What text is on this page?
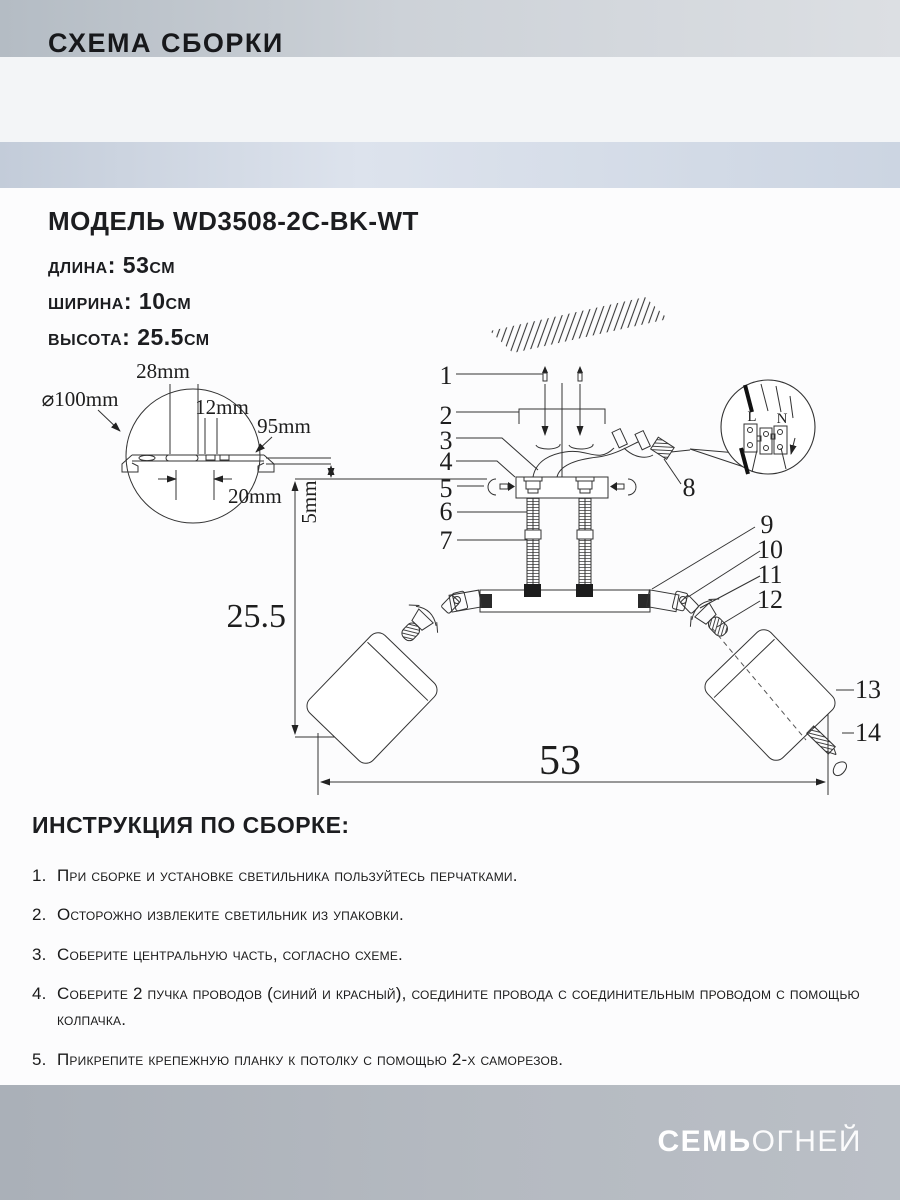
СХЕМА СБОРКИ
МОДЕЛЬ WD3508-2C-BK-WT
длина: 53см
ширина: 10см
высота: 25.5см
5mm
25.5
53
28mm
12mm
95mm
⌀100mm
20mm
1
2
3
4
5
6
7
8
9
10
11
12
13
14
L N
ИНСТРУКЦИЯ ПО СБОРКЕ:
1. При сборке и установке светильника пользуйтесь перчатками.
2. Осторожно извлеките светильник из упаковки.
3. Соберите центральную часть, согласно схеме.
4. Соберите 2 пучка проводов (синий и красный), соедините провода с соединительным проводом с помощью колпачка.
5. Прикрепите крепежную планку к потолку с помощью 2-х саморезов.
СЕМЬОГНЕЙ
